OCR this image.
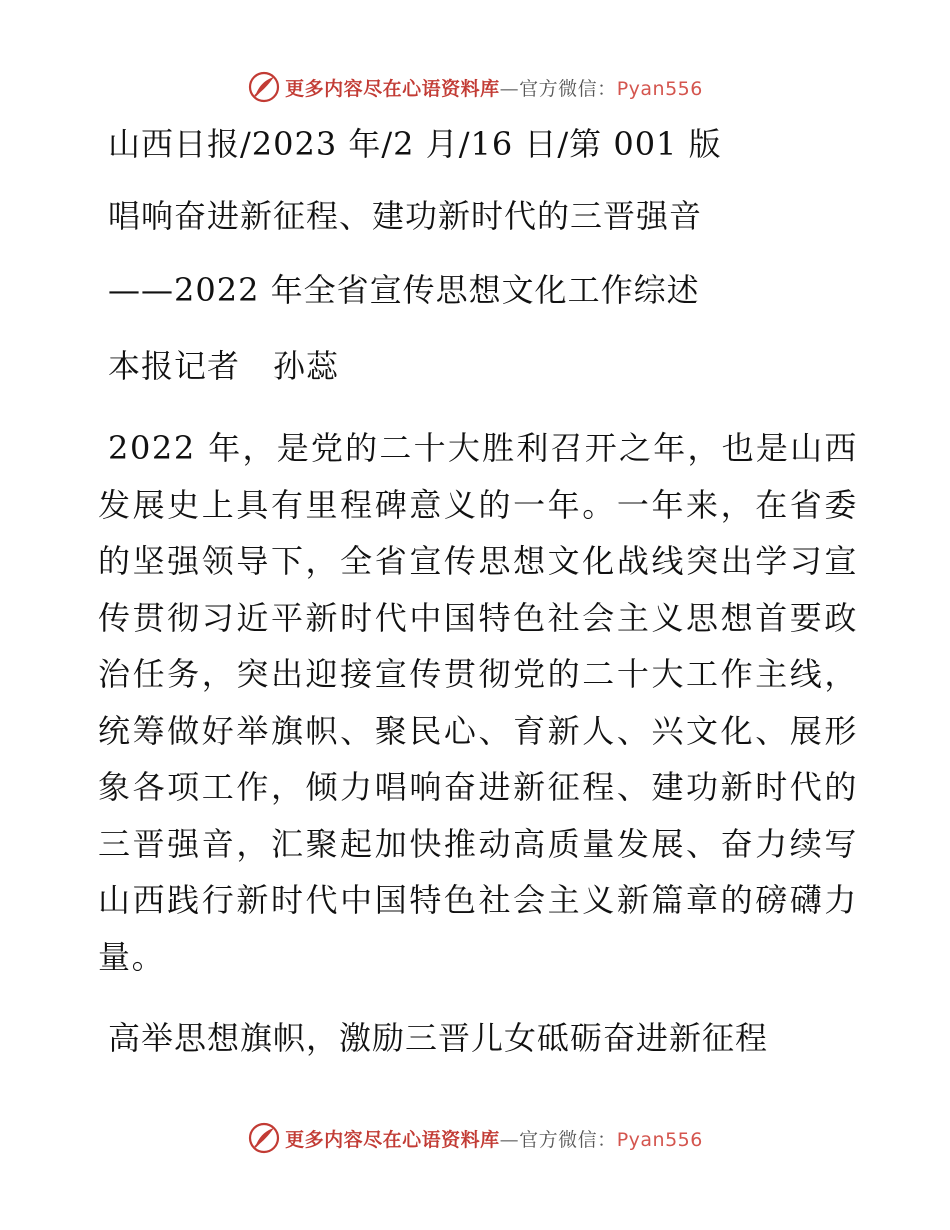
更多内容尽在心语资料库—官方微信：Pyan556
山西日报/2023 年/2 月/16 日/第 001 版
唱响奋进新征程、建功新时代的三晋强音
——2022 年全省宣传思想文化工作综述
本报记者　孙蕊
2022 年，是党的二十大胜利召开之年，也是山西发展史上具有里程碑意义的一年。一年来，在省委的坚强领导下，全省宣传思想文化战线突出学习宣传贯彻习近平新时代中国特色社会主义思想首要政治任务，突出迎接宣传贯彻党的二十大工作主线，统筹做好举旗帜、聚民心、育新人、兴文化、展形象各项工作，倾力唱响奋进新征程、建功新时代的三晋强音，汇聚起加快推动高质量发展、奋力续写山西践行新时代中国特色社会主义新篇章的磅礴力量。
高举思想旗帜，激励三晋儿女砥砺奋进新征程
更多内容尽在心语资料库—官方微信：Pyan556
